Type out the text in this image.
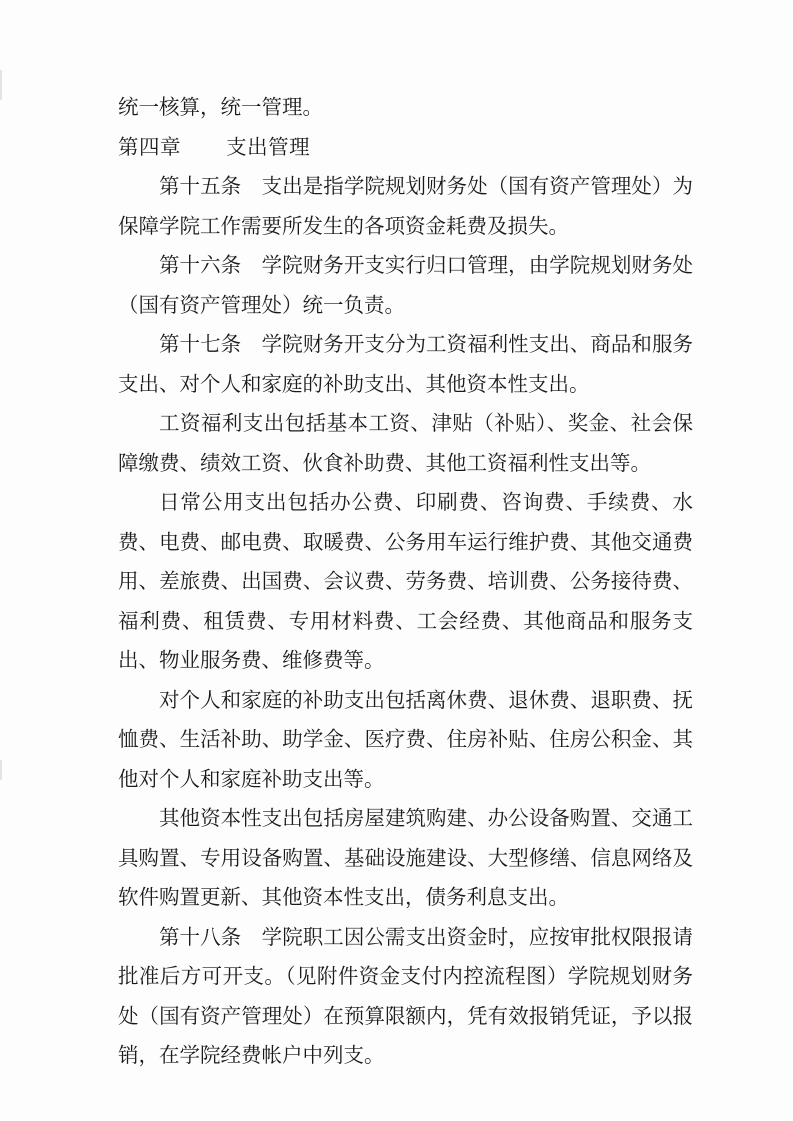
统一核算，统一管理。

第四章 支出管理

第十五条 支出是指学院规划财务处（国有资产管理处）为保障学院工作需要所发生的各项资金耗费及损失。

第十六条 学院财务开支实行归口管理，由学院规划财务处（国有资产管理处）统一负责。

第十七条 学院财务开支分为工资福利性支出、商品和服务支出、对个人和家庭的补助支出、其他资本性支出。

工资福利支出包括基本工资、津贴（补贴）、奖金、社会保障缴费、绩效工资、伙食补助费、其他工资福利性支出等。

日常公用支出包括办公费、印刷费、咨询费、手续费、水费、电费、邮电费、取暖费、公务用车运行维护费、其他交通费用、差旅费、出国费、会议费、劳务费、培训费、公务接待费、福利费、租赁费、专用材料费、工会经费、其他商品和服务支出、物业服务费、维修费等。

对个人和家庭的补助支出包括离休费、退休费、退职费、抚恤费、生活补助、助学金、医疗费、住房补贴、住房公积金、其他对个人和家庭补助支出等。

其他资本性支出包括房屋建筑购建、办公设备购置、交通工具购置、专用设备购置、基础设施建设、大型修缮、信息网络及软件购置更新、其他资本性支出，债务利息支出。

第十八条 学院职工因公需支出资金时，应按审批权限报请批准后方可开支。（见附件资金支付内控流程图）学院规划财务处（国有资产管理处）在预算限额内，凭有效报销凭证，予以报销，在学院经费帐户中列支。
